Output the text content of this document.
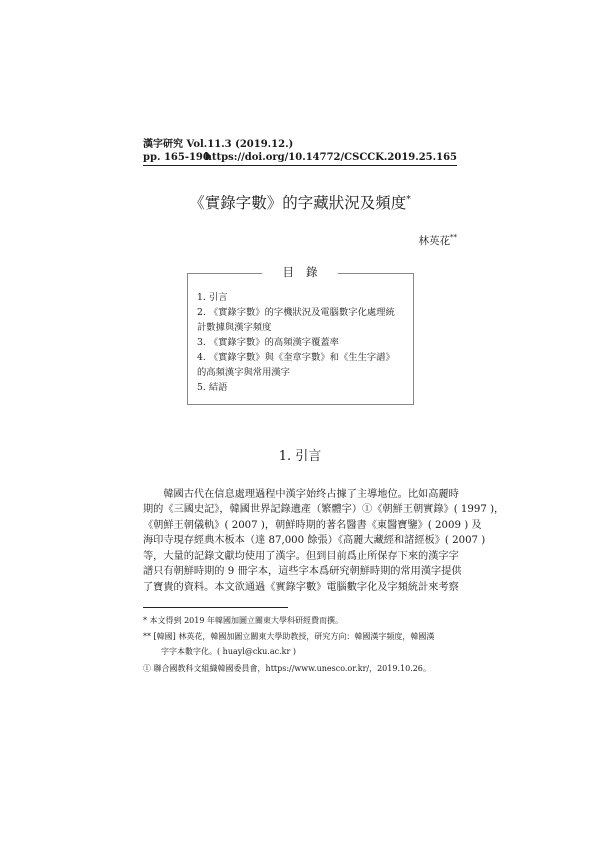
漢字研究 Vol.11.3 (2019.12.)
pp. 165-190
https://doi.org/10.14772/CSCCK.2019.25.165
《實錄字數》的字藏狀況及頻度*
林英花**
目錄
1. 引言
2. 《實錄字數》的字機狀況及電腦數字化處理統
計數據與漢字頻度
3. 《實錄字數》的高頻漢字覆蓋率
4. 《實錄字數》與《奎章字數》和《生生字譜》
的高頻漢字與常用漢字
5. 結語
1. 引言
　　韓國古代在信息處理過程中漢字始终占據了主導地位。比如高麗時
期的《三國史記》，韓國世界記錄遺產（繁體字）①《朝鮮王朝實錄》( 1997 )，
《朝鮮王朝儀軌》( 2007 )，朝鮮時期的著名醫書《東醫寶鑒》( 2009 ) 及
海印寺現存經典木板本（達 87,000 餘張）《高麗大藏經和諸經板》( 2007 )
等，大量的記錄文獻均使用了漢字。但到目前爲止所保存下來的漢字字
譜只有朝鮮時期的 9 冊字本，這些字本爲研究朝鮮時期的常用漢字提供
了寶貴的資料。本文欲通過《實錄字數》電腦數字化及字頻統計來考察
* 本文得到 2019 年韓國加圖立關東大學科研經費而撰。
** [韓國] 林英花，韓國加圖立關東大學助教授，研究方向：韓國漢字頻度，韓國漢
字字本數字化。( huayl@cku.ac.kr )
① 聯合國教科文組織韓國委員會，https://www.unesco.or.kr/，2019.10.26。
